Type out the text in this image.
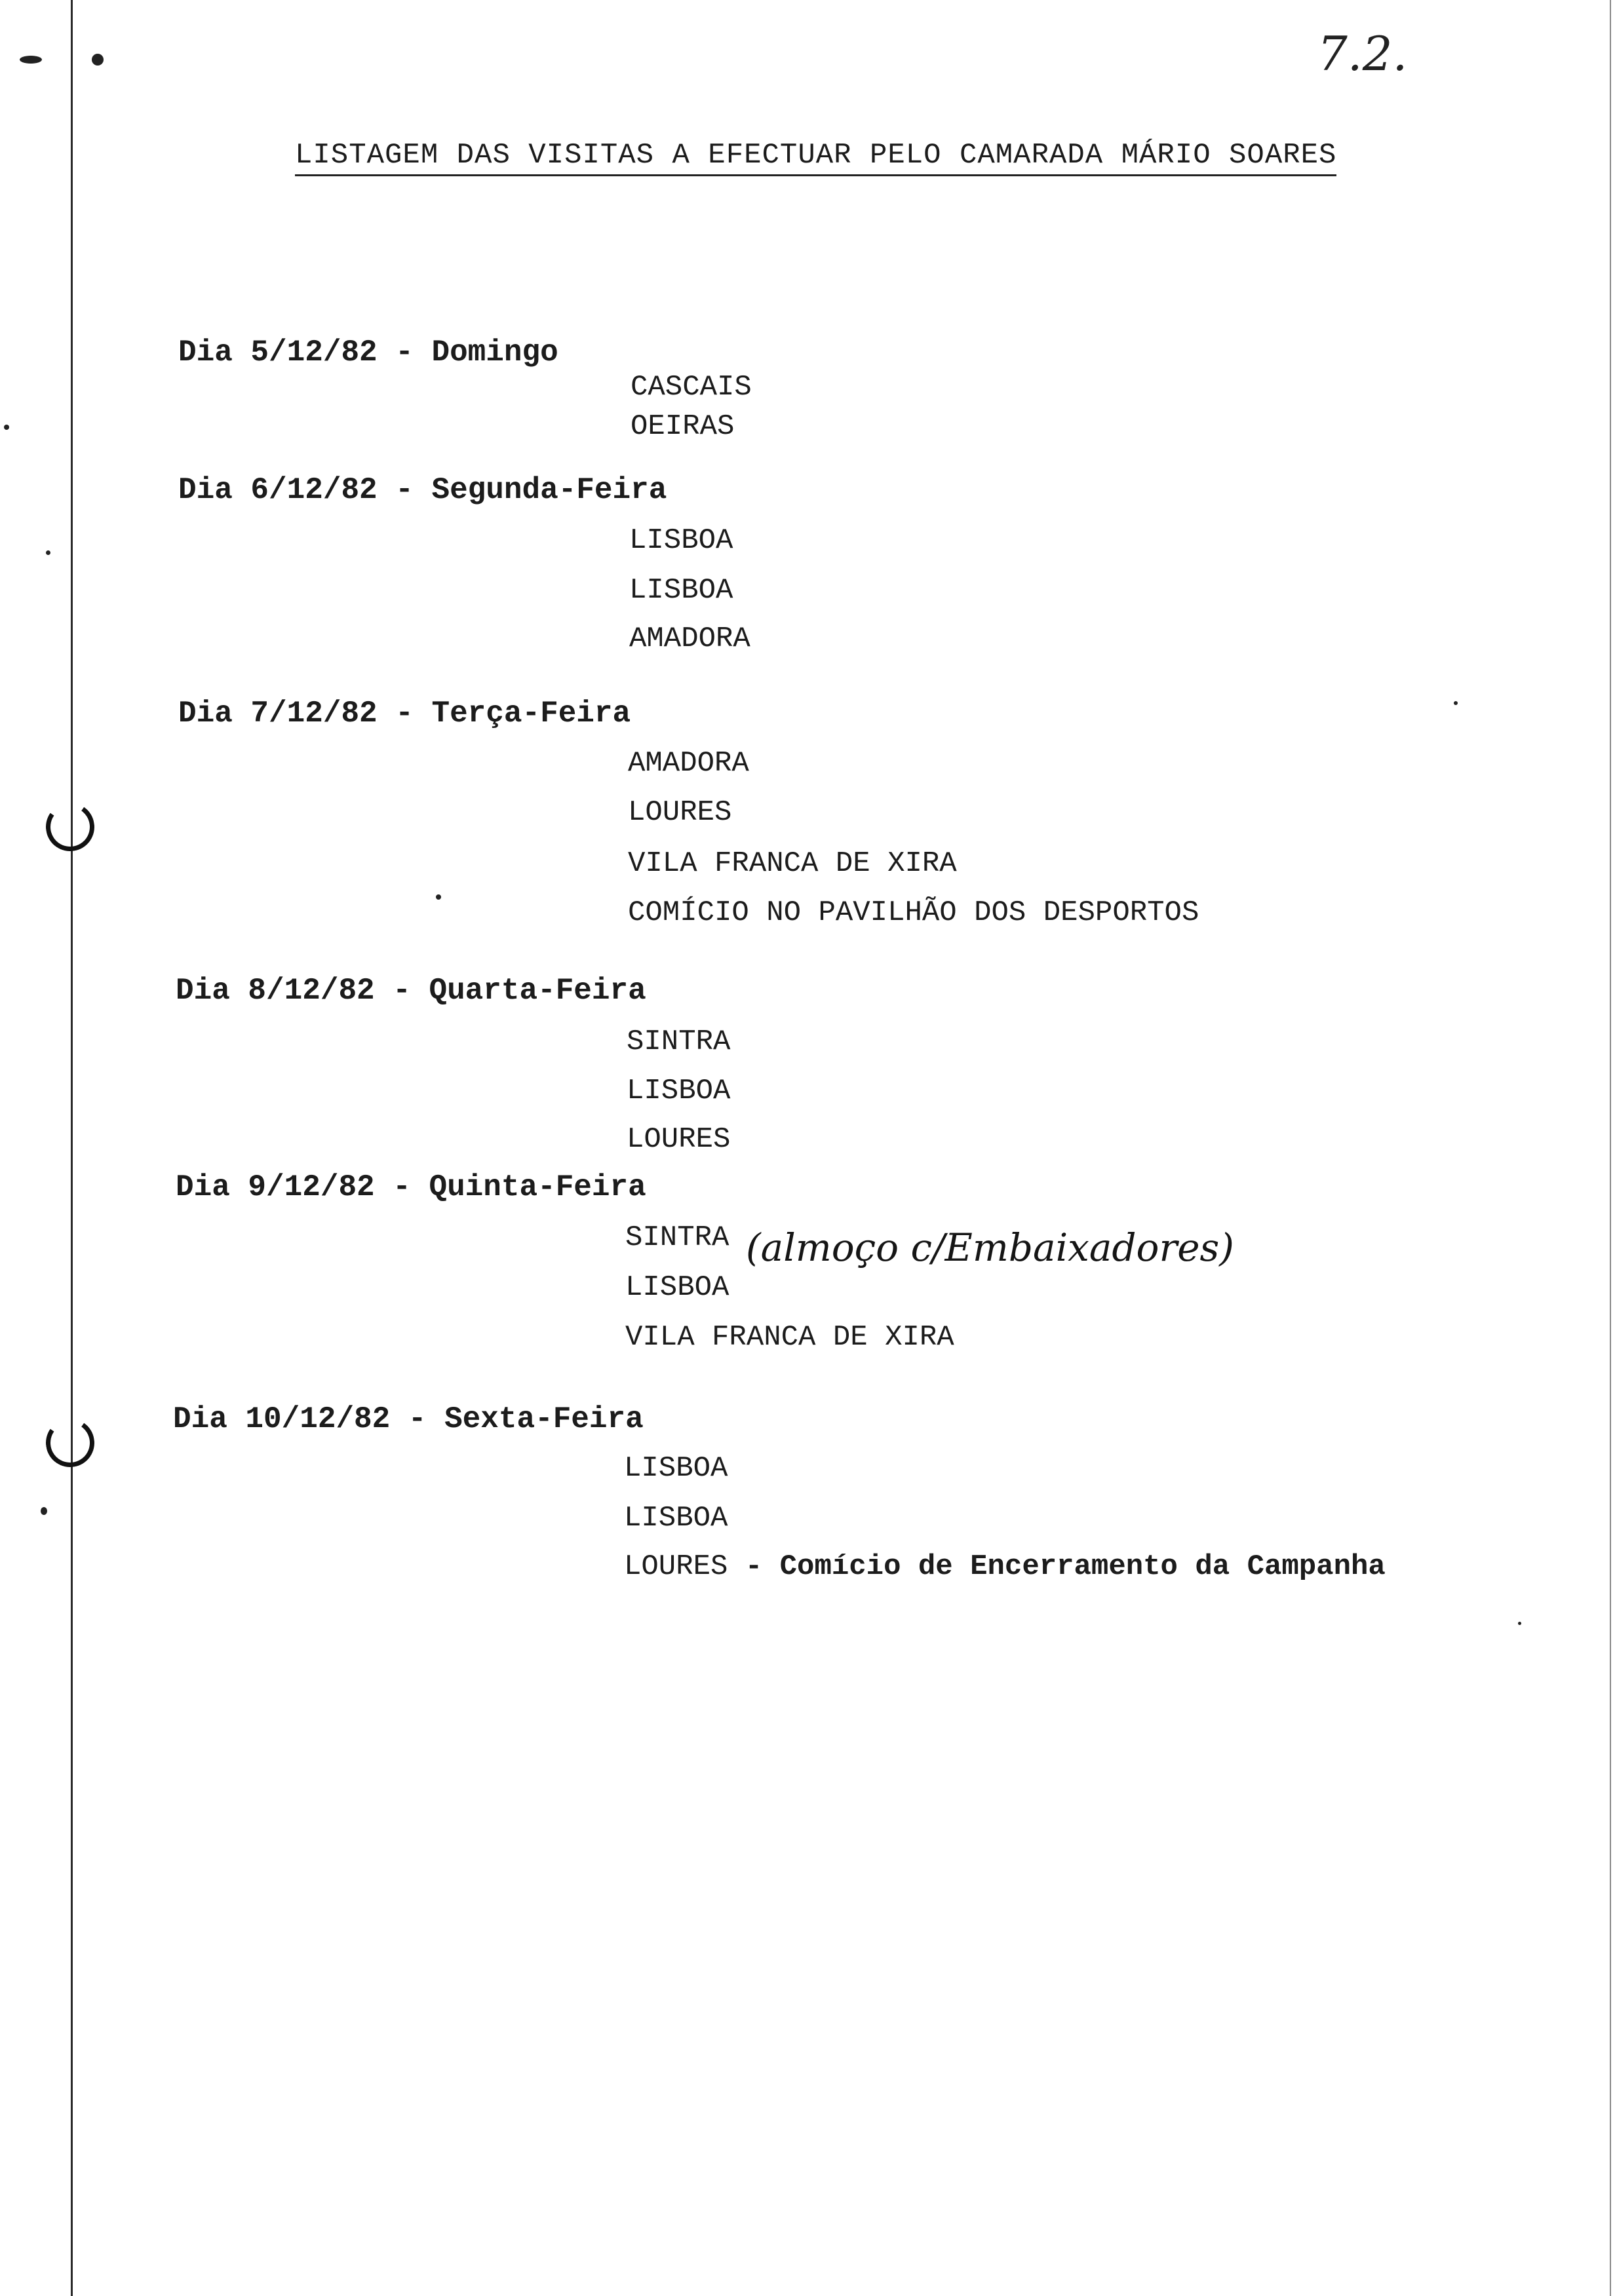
7.2.
LISTAGEM DAS VISITAS A EFECTUAR PELO CAMARADA MÁRIO SOARES
Dia 5/12/82 - Domingo
CASCAIS
OEIRAS
Dia 6/12/82 - Segunda-Feira
LISBOA
LISBOA
AMADORA
Dia 7/12/82 - Terça-Feira
AMADORA
LOURES
VILA FRANCA DE XIRA
COMÍCIO NO PAVILHÃO DOS DESPORTOS
Dia 8/12/82 - Quarta-Feira
SINTRA
LISBOA
LOURES
Dia 9/12/82 - Quinta-Feira
SINTRA
LISBOA
VILA FRANCA DE XIRA
(almoço c/Embaixadores)
Dia 10/12/82 - Sexta-Feira
LISBOA
LISBOA
LOURES - Comício de Encerramento da Campanha
